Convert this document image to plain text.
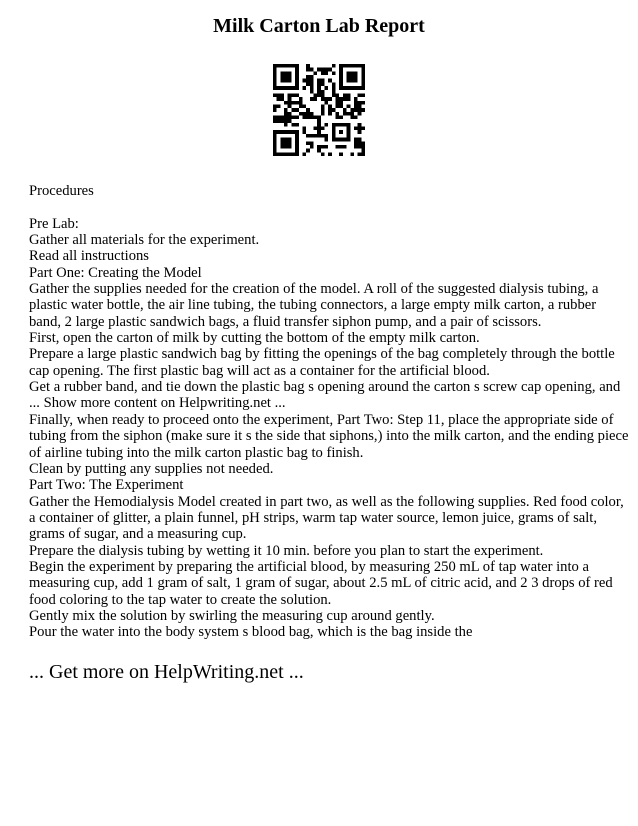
Milk Carton Lab Report
Procedures
Pre Lab:
Gather all materials for the experiment.
Read all instructions
Part One: Creating the Model
Gather the supplies needed for the creation of the model. A roll of the suggested dialysis tubing, a
plastic water bottle, the air line tubing, the tubing connectors, a large empty milk carton, a rubber
band, 2 large plastic sandwich bags, a fluid transfer siphon pump, and a pair of scissors.
First, open the carton of milk by cutting the bottom of the empty milk carton.
Prepare a large plastic sandwich bag by fitting the openings of the bag completely through the bottle
cap opening. The first plastic bag will act as a container for the artificial blood.
Get a rubber band, and tie down the plastic bag s opening around the carton s screw cap opening, and
... Show more content on Helpwriting.net ...
Finally, when ready to proceed onto the experiment, Part Two: Step 11, place the appropriate side of
tubing from the siphon (make sure it s the side that siphons,) into the milk carton, and the ending piece
of airline tubing into the milk carton plastic bag to finish.
Clean by putting any supplies not needed.
Part Two: The Experiment
Gather the Hemodialysis Model created in part two, as well as the following supplies. Red food color,
a container of glitter, a plain funnel, pH strips, warm tap water source, lemon juice, grams of salt,
grams of sugar, and a measuring cup.
Prepare the dialysis tubing by wetting it 10 min. before you plan to start the experiment.
Begin the experiment by preparing the artificial blood, by measuring 250 mL of tap water into a
measuring cup, add 1 gram of salt, 1 gram of sugar, about 2.5 mL of citric acid, and 2 3 drops of red
food coloring to the tap water to create the solution.
Gently mix the solution by swirling the measuring cup around gently.
Pour the water into the body system s blood bag, which is the bag inside the
... Get more on HelpWriting.net ...
